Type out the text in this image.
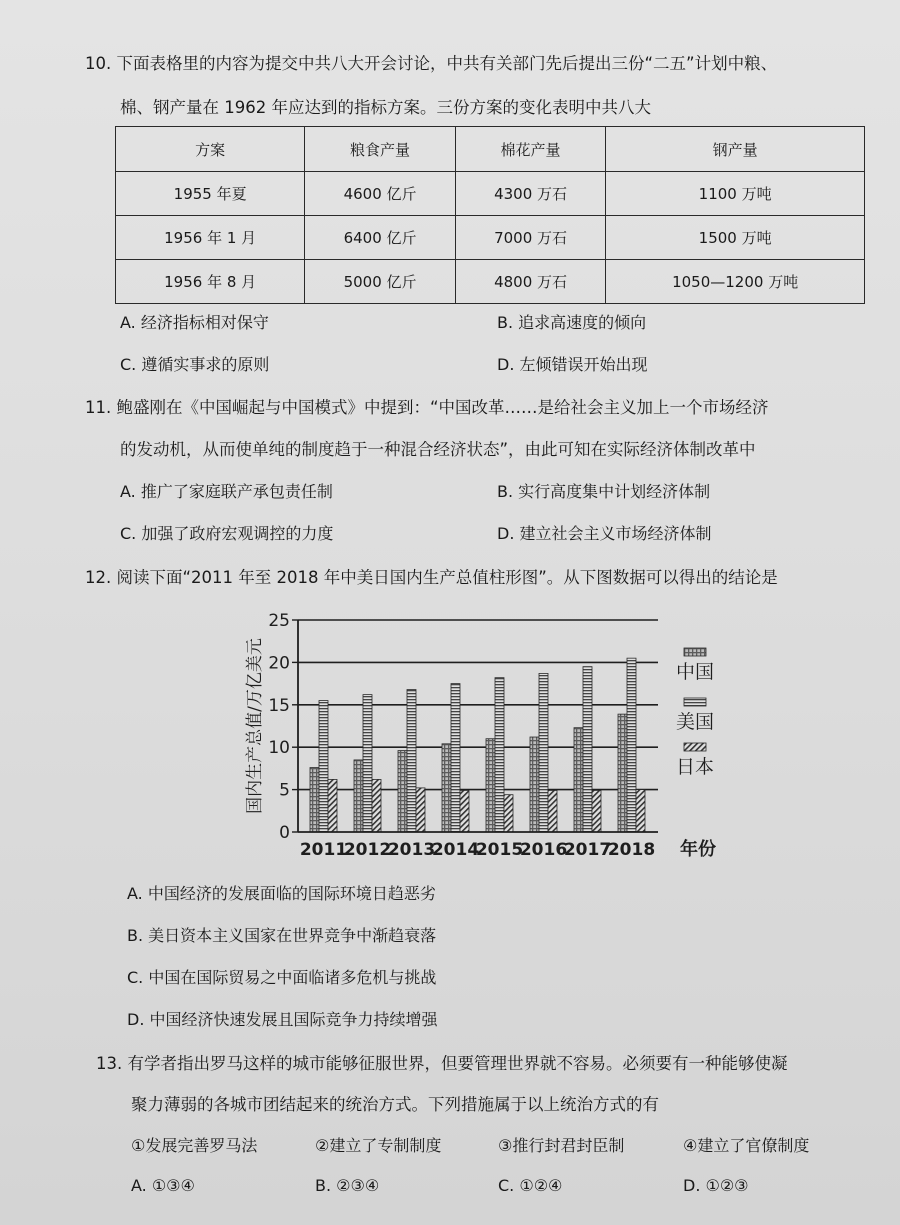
10. 下面表格里的内容为提交中共八大开会讨论，中共有关部门先后提出三份“二五”计划中粮、
棉、钢产量在 1962 年应达到的指标方案。三份方案的变化表明中共八大
方案	粮食产量	棉花产量	钢产量
1955 年夏	4600 亿斤	4300 万石	1100 万吨
1956 年 1 月	6400 亿斤	7000 万石	1500 万吨
1956 年 8 月	5000 亿斤	4800 万石	1050—1200 万吨
A. 经济指标相对保守	B. 追求高速度的倾向
C. 遵循实事求的原则	D. 左倾错误开始出现
11. 鲍盛刚在《中国崛起与中国模式》中提到：“中国改革……是给社会主义加上一个市场经济
的发动机，从而使单纯的制度趋于一种混合经济状态”，由此可知在实际经济体制改革中
A. 推广了家庭联产承包责任制	B. 实行高度集中计划经济体制
C. 加强了政府宏观调控的力度	D. 建立社会主义市场经济体制
12. 阅读下面“2011 年至 2018 年中美日国内生产总值柱形图”。从下图数据可以得出的结论是
0
5
10
15
20
25
国内生产总值/万亿美元
2011
2012
2013
2014
2015
2016
2017
2018 年份
中国
美国
日本
A. 中国经济的发展面临的国际环境日趋恶劣
B. 美日资本主义国家在世界竞争中渐趋衰落
C. 中国在国际贸易之中面临诸多危机与挑战
D. 中国经济快速发展且国际竞争力持续增强
13. 有学者指出罗马这样的城市能够征服世界，但要管理世界就不容易。必须要有一种能够使凝
聚力薄弱的各城市团结起来的统治方式。下列措施属于以上统治方式的有
①发展完善罗马法	②建立了专制制度	③推行封君封臣制	④建立了官僚制度
A. ①③④	B. ②③④	C. ①②④	D. ①②③
